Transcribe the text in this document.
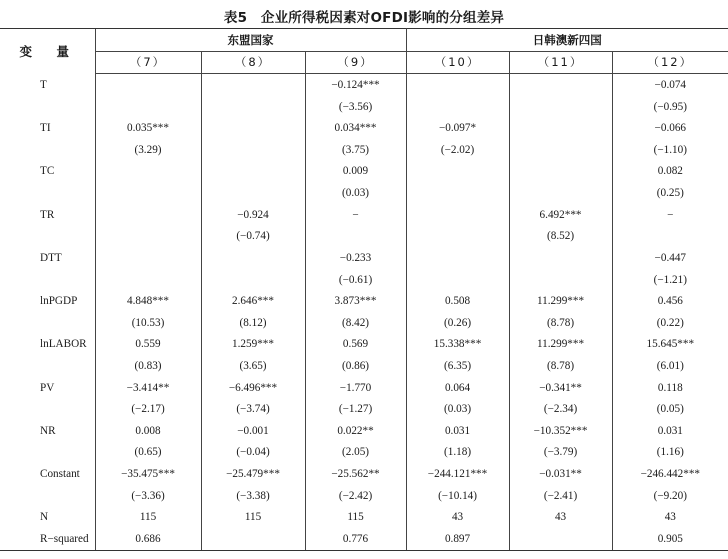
表5　企业所得税因素对OFDI影响的分组差异
变　量	东盟国家			日韩澳新四国		
	（7）	（8）	（9）	（10）	（11）	（12）
T			−0.124***			−0.074
			(−3.56)			(−0.95)
TI	0.035***		0.034***	−0.097*		−0.066
	(3.29)		(3.75)	(−2.02)		(−1.10)
TC			0.009			0.082
			(0.03)			(0.25)
TR		−0.924	−		6.492***	−
		(−0.74)			(8.52)	
DTT			−0.233			−0.447
			(−0.61)			(−1.21)
lnPGDP	4.848***	2.646***	3.873***	0.508	11.299***	0.456
	(10.53)	(8.12)	(8.42)	(0.26)	(8.78)	(0.22)
lnLABOR	0.559	1.259***	0.569	15.338***	11.299***	15.645***
	(0.83)	(3.65)	(0.86)	(6.35)	(8.78)	(6.01)
PV	−3.414**	−6.496***	−1.770	0.064	−0.341**	0.118
	(−2.17)	(−3.74)	(−1.27)	(0.03)	(−2.34)	(0.05)
NR	0.008	−0.001	0.022**	0.031	−10.352***	0.031
	(0.65)	(−0.04)	(2.05)	(1.18)	(−3.79)	(1.16)
Constant	−35.475***	−25.479***	−25.562**	−244.121***	−0.031**	−246.442***
	(−3.36)	(−3.38)	(−2.42)	(−10.14)	(−2.41)	(−9.20)
N	115	115	115	43	43	43
R−squared	0.686		0.776	0.897		0.905
